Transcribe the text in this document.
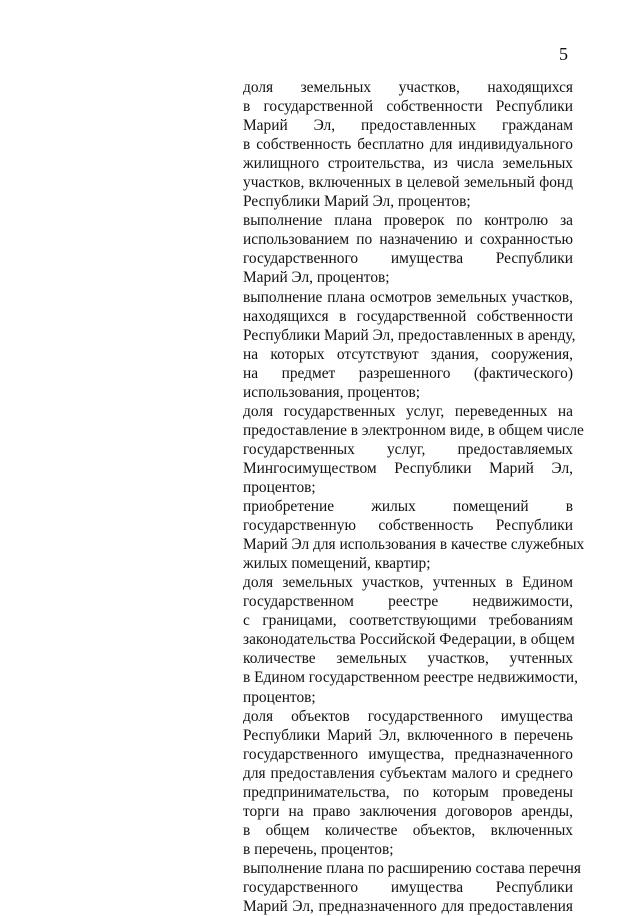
5
доля земельных участков, находящихся
в государственной собственности Республики
Марий Эл, предоставленных гражданам
в собственность бесплатно для индивидуального
жилищного строительства, из числа земельных
участков, включенных в целевой земельный фонд
Республики Марий Эл, процентов;
выполнение плана проверок по контролю за
использованием по назначению и сохранностью
государственного имущества Республики
Марий Эл, процентов;
выполнение плана осмотров земельных участков,
находящихся в государственной собственности
Республики Марий Эл, предоставленных в аренду,
на которых отсутствуют здания, сооружения,
на предмет разрешенного (фактического)
использования, процентов;
доля государственных услуг, переведенных на
предоставление в электронном виде, в общем числе
государственных услуг, предоставляемых
Мингосимуществом Республики Марий Эл,
процентов;
приобретение жилых помещений в
государственную собственность Республики
Марий Эл для использования в качестве служебных
жилых помещений, квартир;
доля земельных участков, учтенных в Едином
государственном реестре недвижимости,
с границами, соответствующими требованиям
законодательства Российской Федерации, в общем
количестве земельных участков, учтенных
в Едином государственном реестре недвижимости,
процентов;
доля объектов государственного имущества
Республики Марий Эл, включенного в перечень
государственного имущества, предназначенного
для предоставления субъектам малого и среднего
предпринимательства, по которым проведены
торги на право заключения договоров аренды,
в общем количестве объектов, включенных
в перечень, процентов;
выполнение плана по расширению состава перечня
государственного имущества Республики
Марий Эл, предназначенного для предоставления
